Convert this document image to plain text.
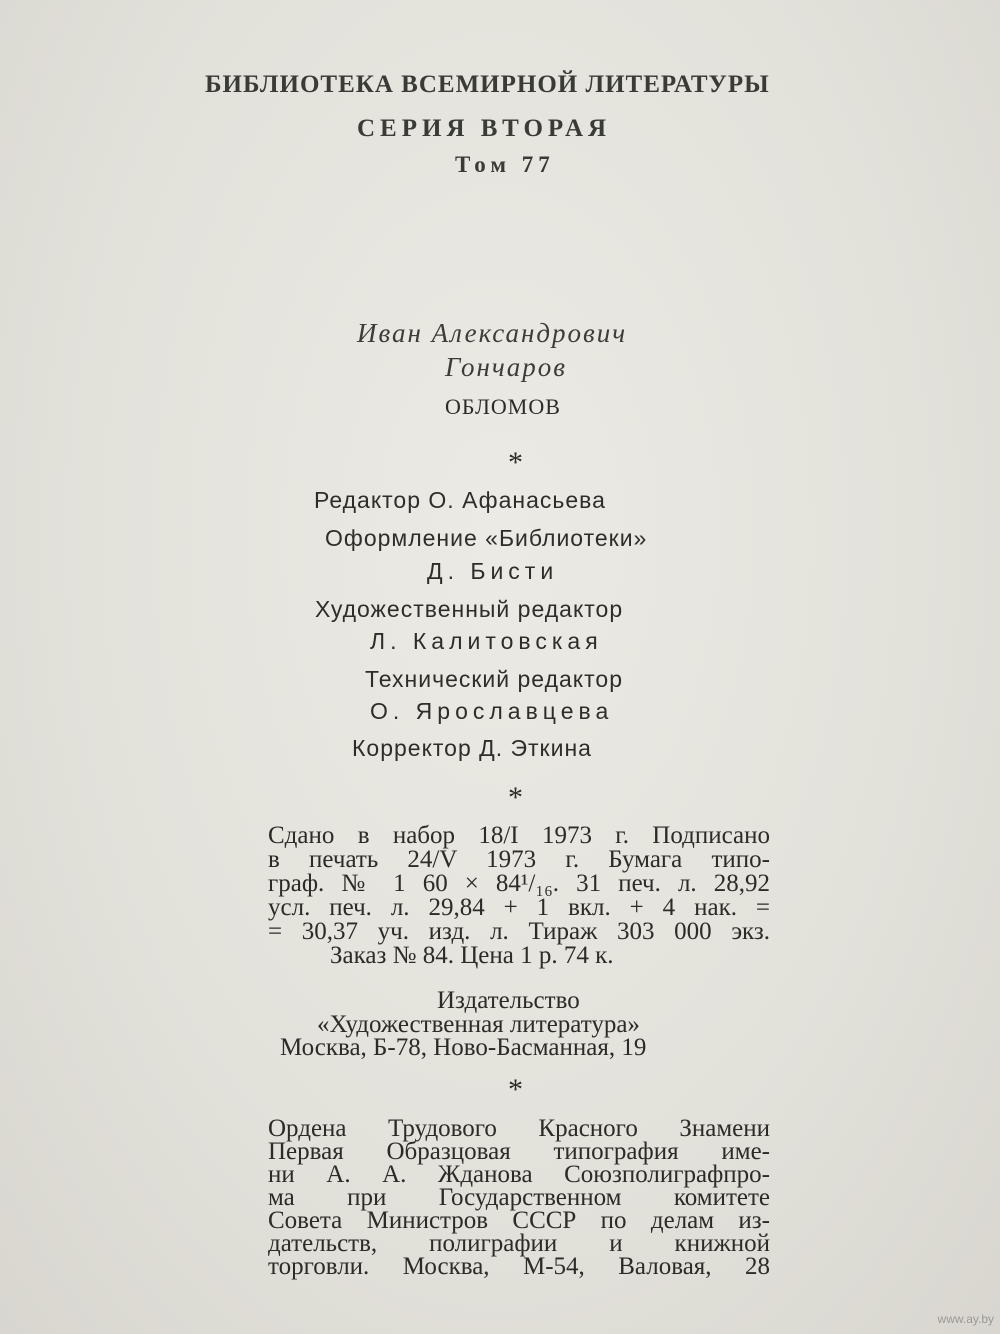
БИБЛИОТЕКА ВСЕМИРНОЙ ЛИТЕРАТУРЫ
СЕРИЯ ВТОРАЯ
Том 77
Иван Александрович
Гончаров
ОБЛОМОВ
*
Редактор О. Афанасьева
Оформление «Библиотеки»
Д. Бисти
Художественный редактор
Л. Калитовская
Технический редактор
О. Ярославцева
Корректор Д. Эткина
*
Сдано в набор 18/I 1973 г. Подписано
в печать 24/V 1973 г. Бумага типо-
граф. № 1 60 × 84¹/₁₆. 31 печ. л. 28,92
усл. печ. л. 29,84 + 1 вкл. + 4 нак. =
= 30,37 уч. изд. л. Тираж 303 000 экз.
Заказ № 84. Цена 1 р. 74 к.
Издательство
«Художественная литература»
Москва, Б-78, Ново-Басманная, 19
*
Ордена Трудового Красного Знамени
Первая Образцовая типография име-
ни А. А. Жданова Союзполиграфпро-
ма при Государственном комитете
Совета Министров СССР по делам из-
дательств, полиграфии и книжной
торговли. Москва, М-54, Валовая, 28
www.ay.by
